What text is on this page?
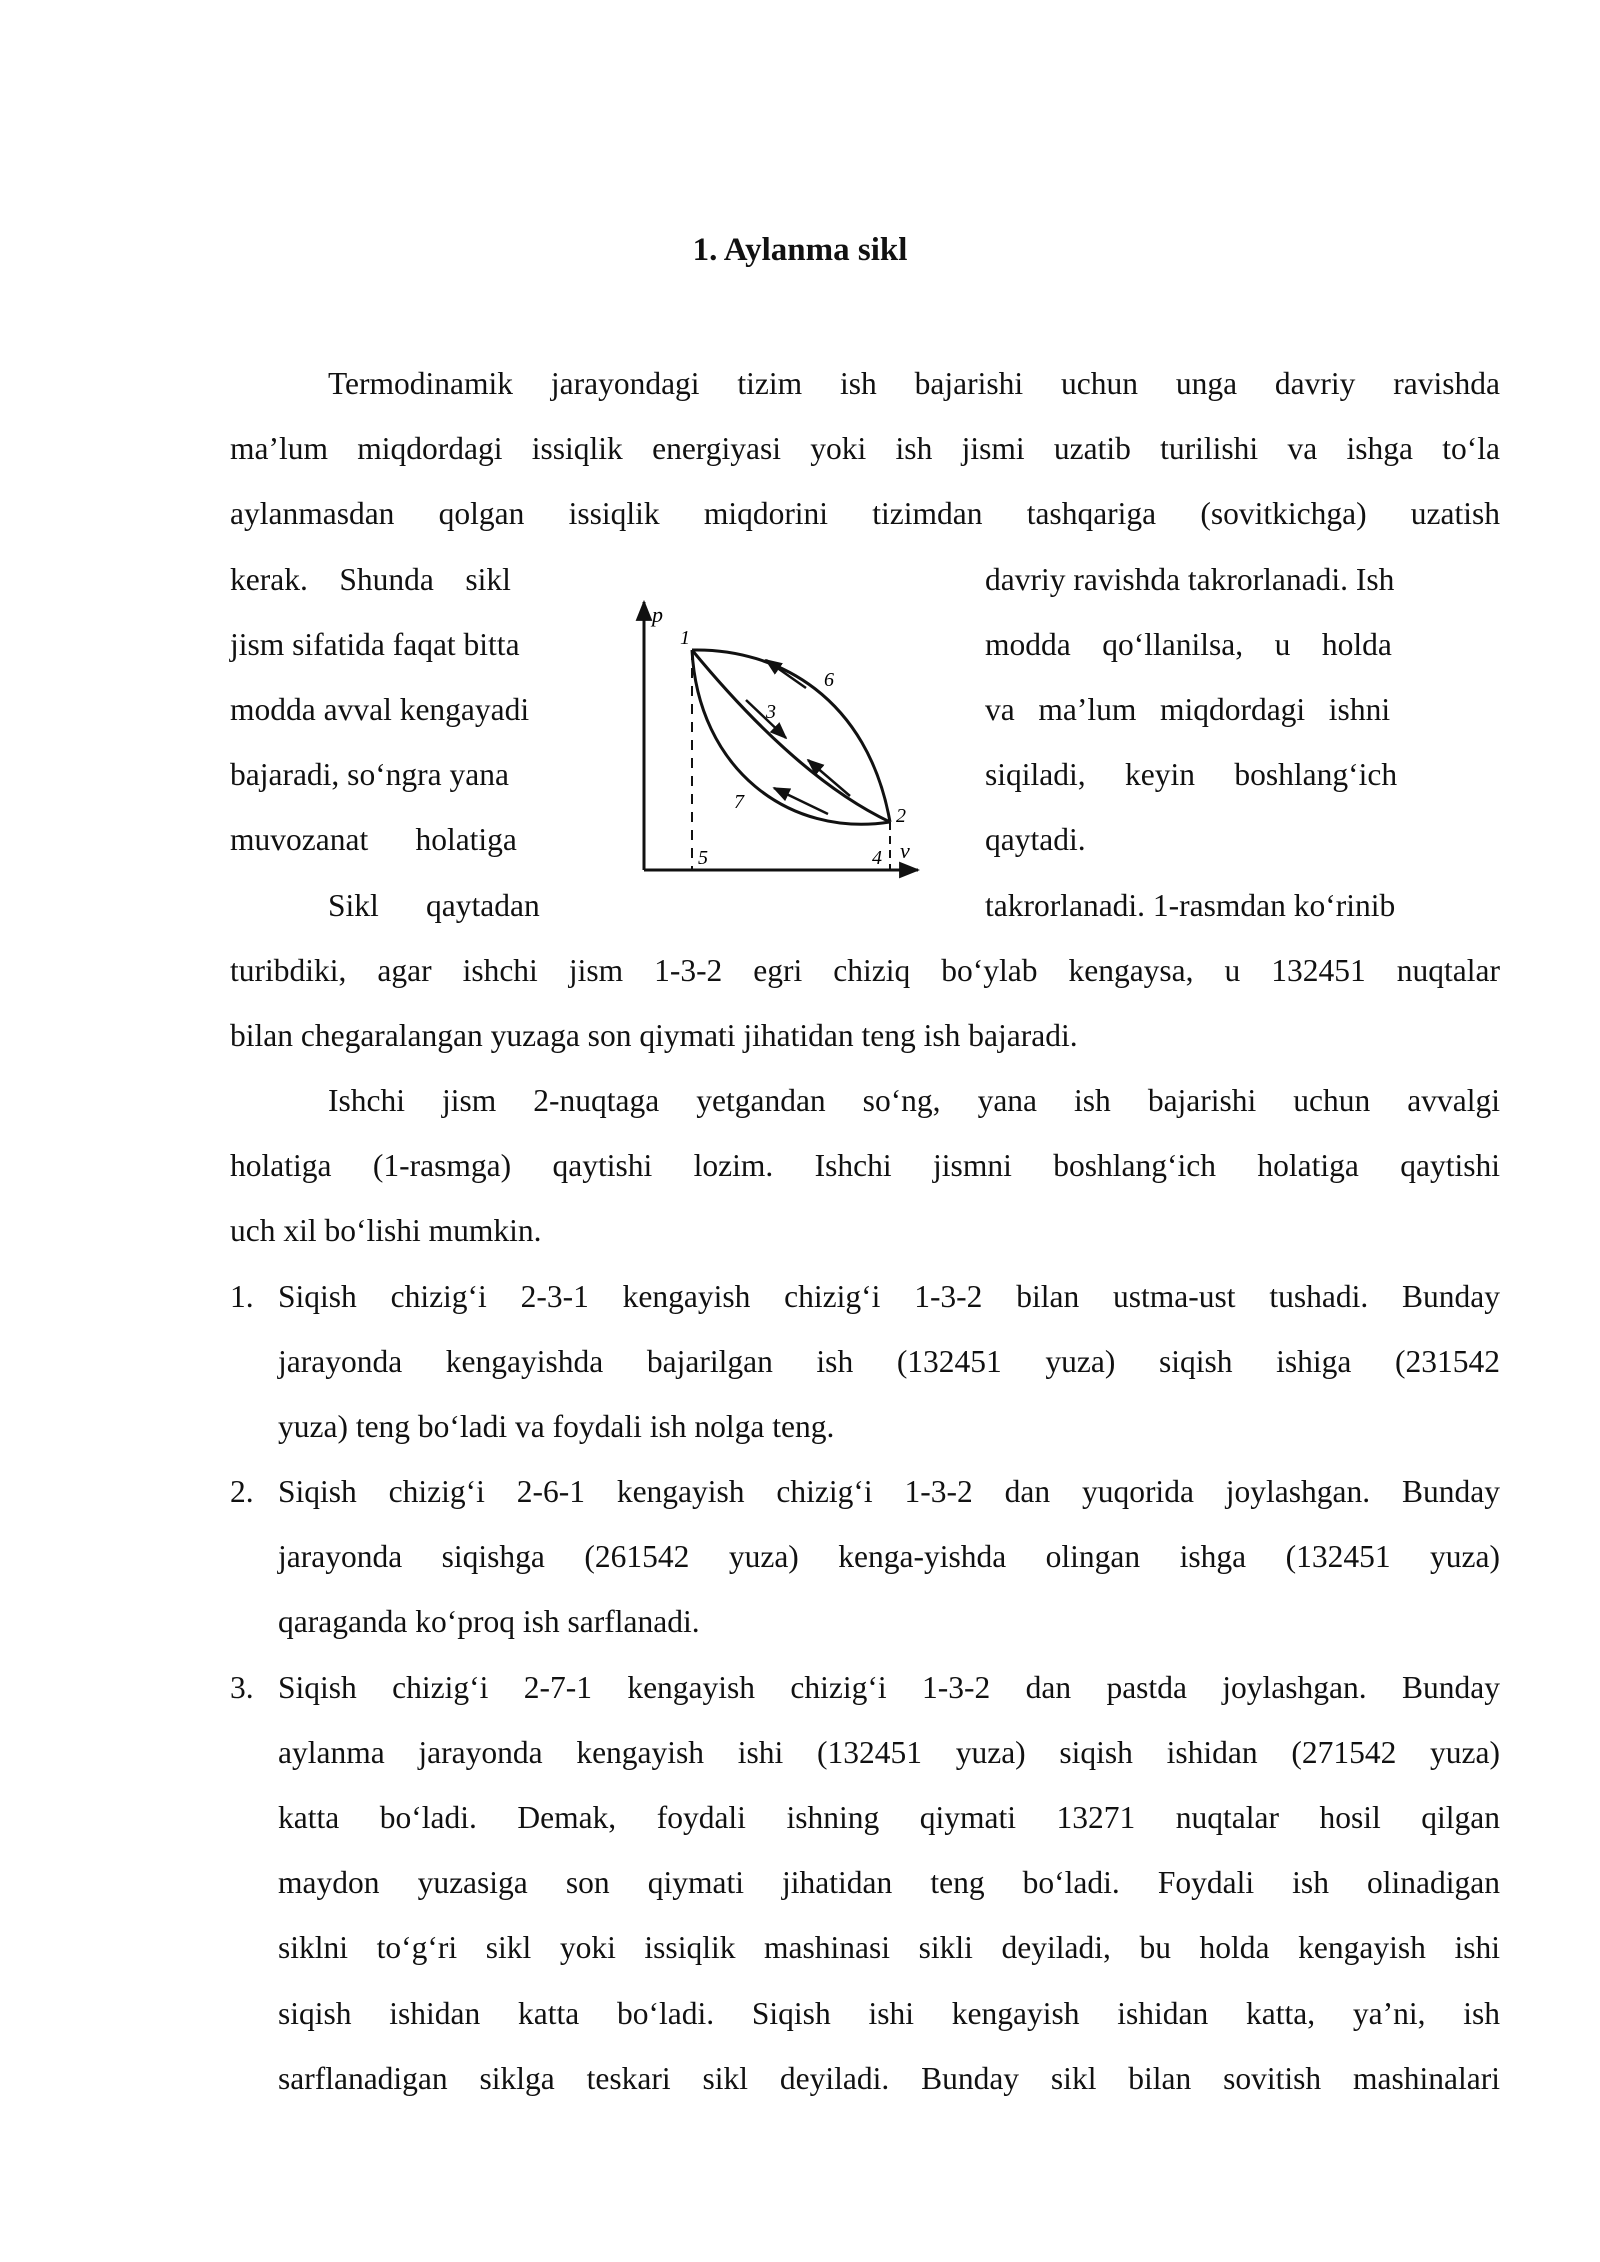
1. Aylanma sikl
Termodinamik jarayondagi tizim ish bajarishi uchun unga davriy ravishda
ma’lum miqdordagi issiqlik energiyasi yoki ish jismi uzatib turilishi va ishga to‘la
aylanmasdan qolgan issiqlik miqdorini tizimdan tashqariga (sovitkichga) uzatish
kerak.    Shunda    sikl
jism sifatida faqat bitta
modda avval kengayadi
bajaradi, so‘ngra yana
muvozanat      holatiga
Sikl      qaytadan
davriy ravishda takrorlanadi. Ish
modda    qo‘llanilsa,    u    holda
va   ma’lum   miqdordagi   ishni
siqiladi,     keyin     boshlang‘ich
qaytadi.
takrorlanadi. 1-rasmdan ko‘rinib
p
v
1
2
3
4
5
6
7
turibdiki, agar ishchi jism 1-3-2 egri chiziq bo‘ylab kengaysa, u 132451 nuqtalar
bilan chegaralangan yuzaga son qiymati jihatidan teng ish bajaradi.
Ishchi jism 2-nuqtaga yetgandan so‘ng, yana ish bajarishi uchun avvalgi
holatiga (1-rasmga) qaytishi lozim. Ishchi jismni boshlang‘ich holatiga qaytishi
uch xil bo‘lishi mumkin.
1. Siqish chizig‘i 2-3-1 kengayish chizig‘i 1-3-2 bilan ustma-ust tushadi. Bunday
jarayonda kengayishda bajarilgan ish (132451 yuza) siqish ishiga (231542
yuza) teng bo‘ladi va foydali ish nolga teng.
2. Siqish chizig‘i 2-6-1 kengayish chizig‘i 1-3-2 dan yuqorida joylashgan. Bunday
jarayonda siqishga (261542 yuza) kenga-yishda olingan ishga (132451 yuza)
qaraganda ko‘proq ish sarflanadi.
3. Siqish chizig‘i 2-7-1 kengayish chizig‘i 1-3-2 dan pastda joylashgan. Bunday
aylanma jarayonda kengayish ishi (132451 yuza) siqish ishidan (271542 yuza)
katta bo‘ladi. Demak, foydali ishning qiymati 13271 nuqtalar hosil qilgan
maydon yuzasiga son qiymati jihatidan teng bo‘ladi. Foydali ish olinadigan
siklni to‘g‘ri sikl yoki issiqlik mashinasi sikli deyiladi, bu holda kengayish ishi
siqish ishidan katta bo‘ladi. Siqish ishi kengayish ishidan katta, ya’ni, ish
sarflanadigan siklga teskari sikl deyiladi. Bunday sikl bilan sovitish mashinalari
